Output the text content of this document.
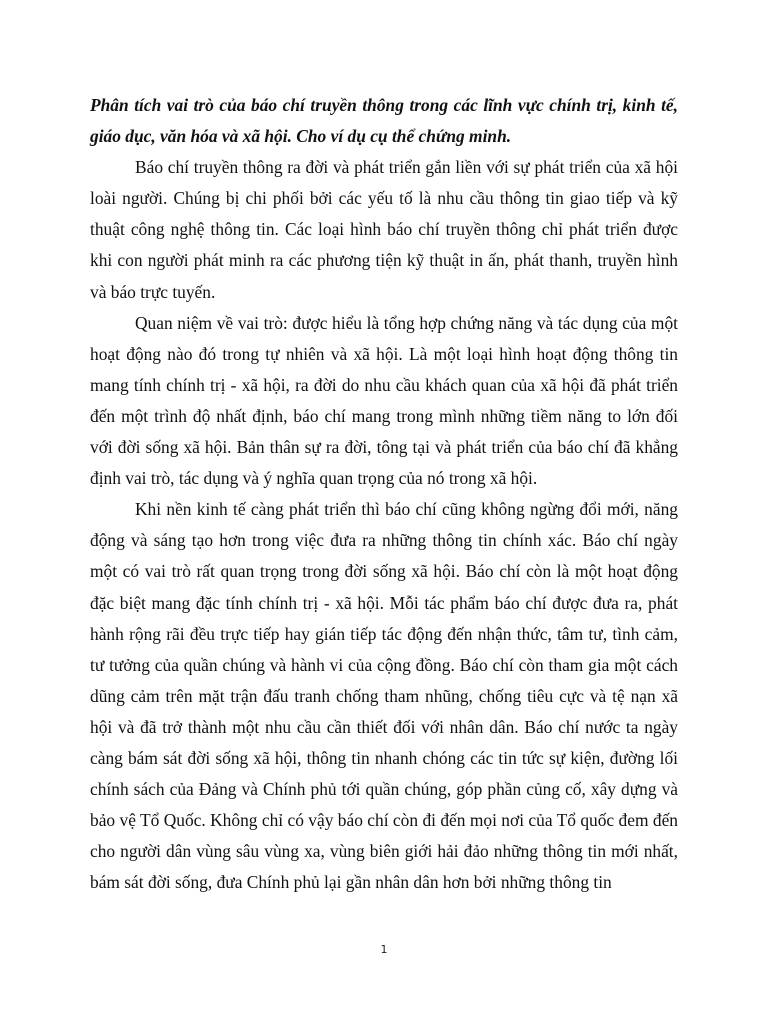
Phân tích vai trò của báo chí truyền thông trong các lĩnh vực chính trị, kinh tế, giáo dục, văn hóa và xã hội. Cho ví dụ cụ thể chứng minh.

Báo chí truyền thông ra đời và phát triển gắn liền với sự phát triển của xã hội loài người. Chúng bị chi phối bởi các yếu tố là nhu cầu thông tin giao tiếp và kỹ thuật công nghệ thông tin. Các loại hình báo chí truyền thông chỉ phát triển được khi con người phát minh ra các phương tiện kỹ thuật in ấn, phát thanh, truyền hình và báo trực tuyến.

Quan niệm về vai trò: được hiểu là tổng hợp chứng năng và tác dụng của một hoạt động nào đó trong tự nhiên và xã hội. Là một loại hình hoạt động thông tin mang tính chính trị - xã hội, ra đời do nhu cầu khách quan của xã hội đã phát triển đến một trình độ nhất định, báo chí mang trong mình những tiềm năng to lớn đối với đời sống xã hội. Bản thân sự ra đời, tông tại và phát triển của báo chí đã khẳng định vai trò, tác dụng và ý nghĩa quan trọng của nó trong xã hội.

Khi nền kinh tế càng phát triển thì báo chí cũng không ngừng đổi mới, năng động và sáng tạo hơn trong việc đưa ra những thông tin chính xác. Báo chí ngày một có vai trò rất quan trọng trong đời sống xã hội. Báo chí còn là một hoạt động đặc biệt mang đặc tính chính trị - xã hội. Mỗi tác phẩm báo chí được đưa ra, phát hành rộng rãi đều trực tiếp hay gián tiếp tác động đến nhận thức, tâm tư, tình cảm, tư tưởng của quần chúng và hành vi của cộng đồng. Báo chí còn tham gia một cách dũng cảm trên mặt trận đấu tranh chống tham nhũng, chống tiêu cực và tệ nạn xã hội và đã trở thành một nhu cầu cần thiết đối với nhân dân. Báo chí nước ta ngày càng bám sát đời sống xã hội, thông tin nhanh chóng các tin tức sự kiện, đường lối chính sách của Đảng và Chính phủ tới quần chúng, góp phần củng cố, xây dựng và bảo vệ Tổ Quốc. Không chỉ có vậy báo chí còn đi đến mọi nơi của Tổ quốc đem đến cho người dân vùng sâu vùng xa, vùng biên giới hải đảo những thông tin mới nhất, bám sát đời sống, đưa Chính phủ lại gần nhân dân hơn bởi những thông tin

1
